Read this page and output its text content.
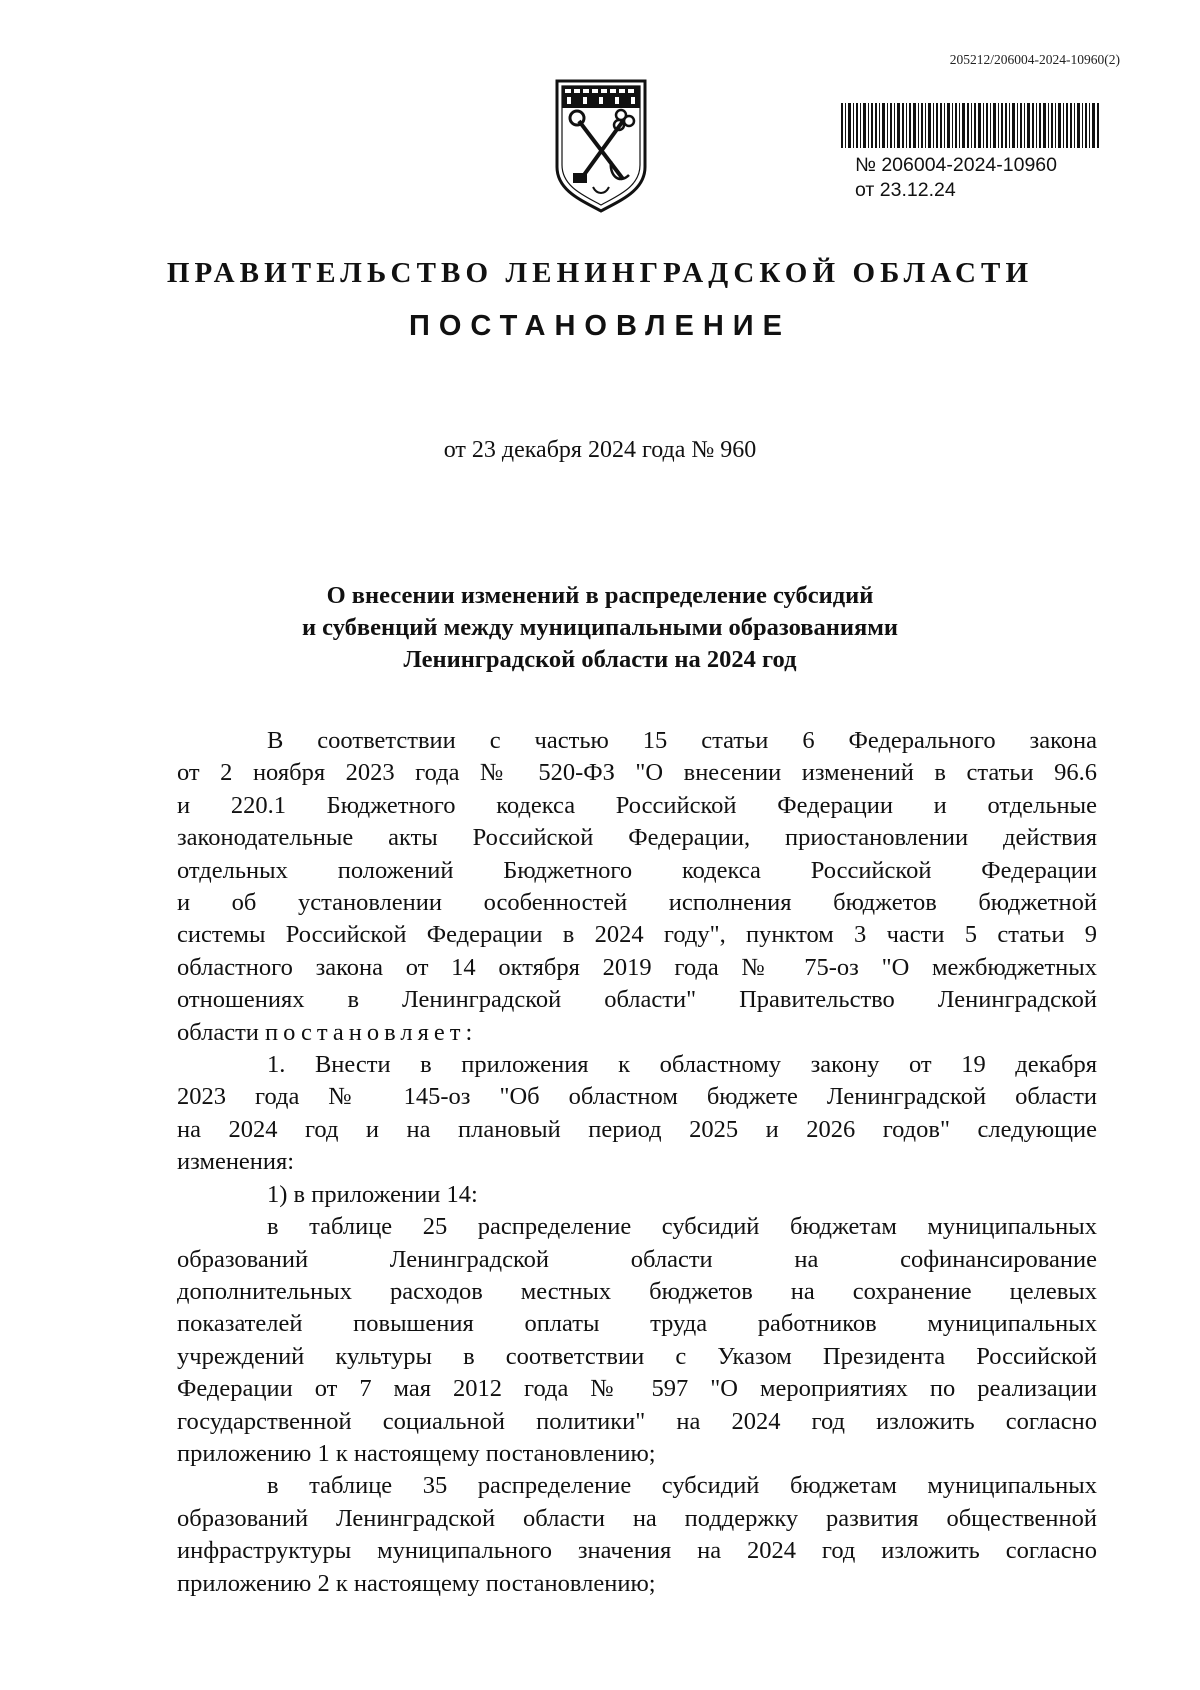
205212/206004-2024-10960(2)
№ 206004-2024-10960
от 23.12.24
ПРАВИТЕЛЬСТВО ЛЕНИНГРАДСКОЙ ОБЛАСТИ
ПОСТАНОВЛЕНИЕ
от 23 декабря 2024 года № 960
О внесении изменений в распределение субсидий
и субвенций между муниципальными образованиями
Ленинградской области на 2024 год
В соответствии с частью 15 статьи 6 Федерального закона
от 2 ноября 2023 года № 520-ФЗ "О внесении изменений в статьи 96.6
и 220.1 Бюджетного кодекса Российской Федерации и отдельные
законодательные акты Российской Федерации, приостановлении действия
отдельных положений Бюджетного кодекса Российской Федерации
и об установлении особенностей исполнения бюджетов бюджетной
системы Российской Федерации в 2024 году", пунктом 3 части 5 статьи 9
областного закона от 14 октября 2019 года № 75-оз "О межбюджетных
отношениях в Ленинградской области" Правительство Ленинградской
области постановляет:
1. Внести в приложения к областному закону от 19 декабря
2023 года № 145-оз "Об областном бюджете Ленинградской области
на 2024 год и на плановый период 2025 и 2026 годов" следующие
изменения:
1) в приложении 14:
в таблице 25 распределение субсидий бюджетам муниципальных
образований Ленинградской области на софинансирование
дополнительных расходов местных бюджетов на сохранение целевых
показателей повышения оплаты труда работников муниципальных
учреждений культуры в соответствии с Указом Президента Российской
Федерации от 7 мая 2012 года № 597 "О мероприятиях по реализации
государственной социальной политики" на 2024 год изложить согласно
приложению 1 к настоящему постановлению;
в таблице 35 распределение субсидий бюджетам муниципальных
образований Ленинградской области на поддержку развития общественной
инфраструктуры муниципального значения на 2024 год изложить согласно
приложению 2 к настоящему постановлению;
